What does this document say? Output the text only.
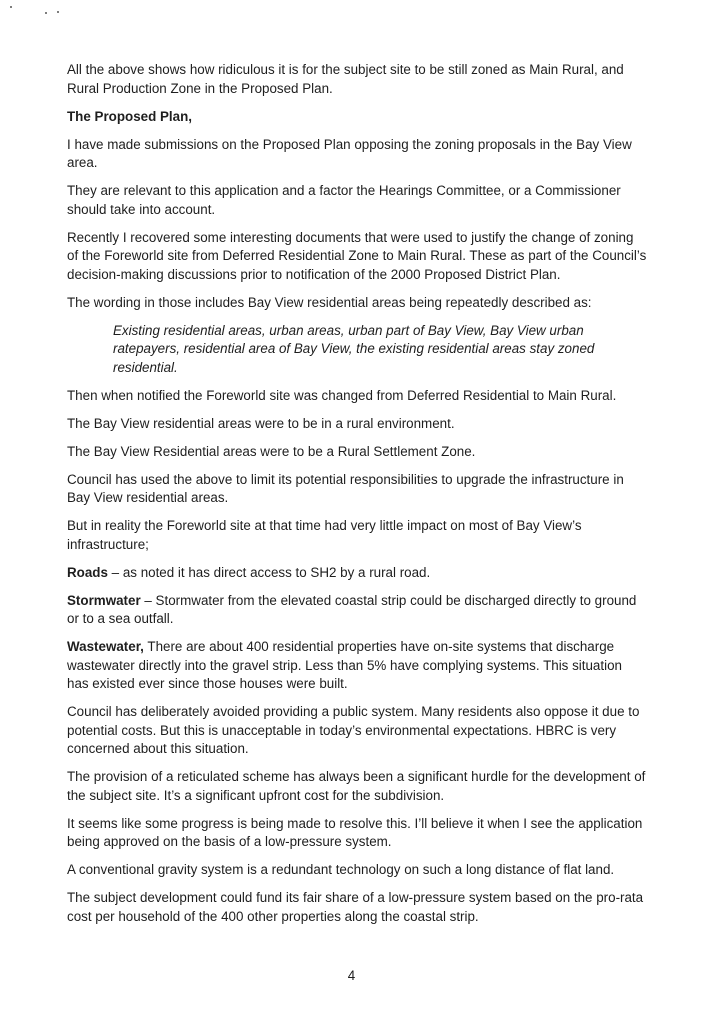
All the above shows how ridiculous it is for the subject site to be still zoned as Main Rural, and Rural Production Zone in the Proposed Plan.

The Proposed Plan,

I have made submissions on the Proposed Plan opposing the zoning proposals in the Bay View area.

They are relevant to this application and a factor the Hearings Committee, or a Commissioner should take into account.

Recently I recovered some interesting documents that were used to justify the change of zoning of the Foreworld site from Deferred Residential Zone to Main Rural. These as part of the Council’s decision-making discussions prior to notification of the 2000 Proposed District Plan.

The wording in those includes Bay View residential areas being repeatedly described as:

Existing residential areas, urban areas, urban part of Bay View, Bay View urban ratepayers, residential area of Bay View, the existing residential areas stay zoned residential.

Then when notified the Foreworld site was changed from Deferred Residential to Main Rural.

The Bay View residential areas were to be in a rural environment.

The Bay View Residential areas were to be a Rural Settlement Zone.

Council has used the above to limit its potential responsibilities to upgrade the infrastructure in Bay View residential areas.

But in reality the Foreworld site at that time had very little impact on most of Bay View’s infrastructure;

Roads – as noted it has direct access to SH2 by a rural road.

Stormwater – Stormwater from the elevated coastal strip could be discharged directly to ground or to a sea outfall.

Wastewater, There are about 400 residential properties have on-site systems that discharge wastewater directly into the gravel strip. Less than 5% have complying systems. This situation has existed ever since those houses were built.

Council has deliberately avoided providing a public system. Many residents also oppose it due to potential costs. But this is unacceptable in today’s environmental expectations. HBRC is very concerned about this situation.

The provision of a reticulated scheme has always been a significant hurdle for the development of the subject site. It’s a significant upfront cost for the subdivision.

It seems like some progress is being made to resolve this. I’ll believe it when I see the application being approved on the basis of a low-pressure system.

A conventional gravity system is a redundant technology on such a long distance of flat land.

The subject development could fund its fair share of a low-pressure system based on the pro-rata cost per household of the 400 other properties along the coastal strip.

4
